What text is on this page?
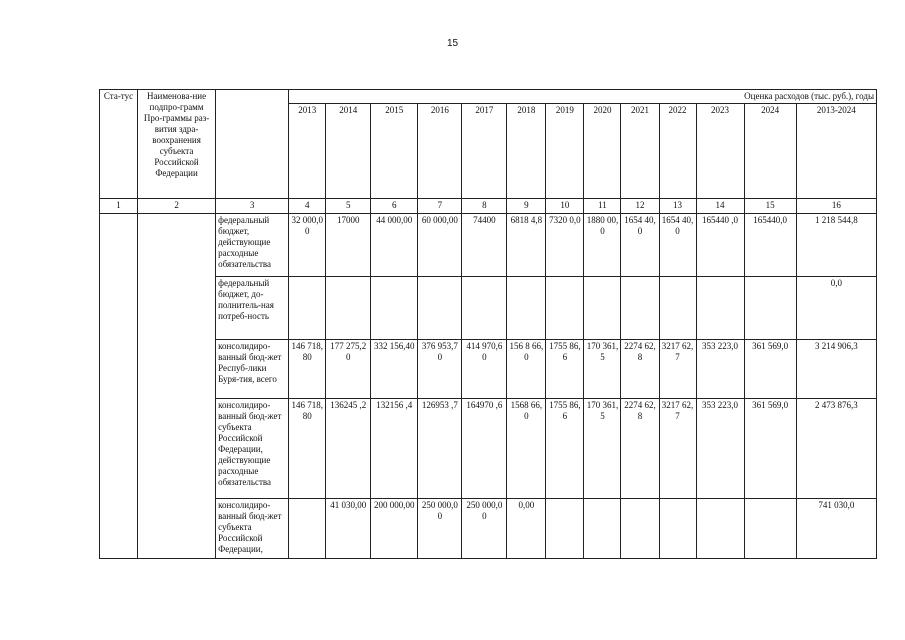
15
Ста-тус	Наименова-ние подпро-грамм Про-граммы раз-вития здра-воохранения субъекта Российской Федерации		Оценка расходов (тыс. руб.), годы												
			2013	2014	2015	2016	2017	2018	2019	2020	2021	2022	2023	2024	2013-2024
1	2	3	4	5	6	7	8	9	10	11	12	13	14	15	16
		федеральный бюджет, действующие расходные обязательства	32 000,00	17000	44 000,00	60 000,00	74400	6818 4,8	7320 0,0	1880 00,0	1654 40,0	1654 40,0	165440 ,0	165440,0	1 218 544,8
		федеральный бюджет, до-полнитель-ная потреб-ность													0,0
		консолидиро-ванный бюд-жет Респуб-лики Буря-тия, всего	146 718,80	177 275,20	332 156,40	376 953,70	414 970,60	156 8 66,0	1755 86,6	170 361,5	2274 62,8	3217 62,7	353 223,0	361 569,0	3 214 906,3
		консолидиро-ванный бюд-жет субъекта Российской Федерации, действующие расходные обязательства	146 718,80	136245 ,2	132156 ,4	126953 ,7	164970 ,6	1568 66,0	1755 86,6	170 361,5	2274 62,8	3217 62,7	353 223,0	361 569,0	2 473 876,3
		консолидиро-ванный бюд-жет субъекта Российской Федерации,		41 030,00	200 000,00	250 000,00	250 000,00	0,00							741 030,0
